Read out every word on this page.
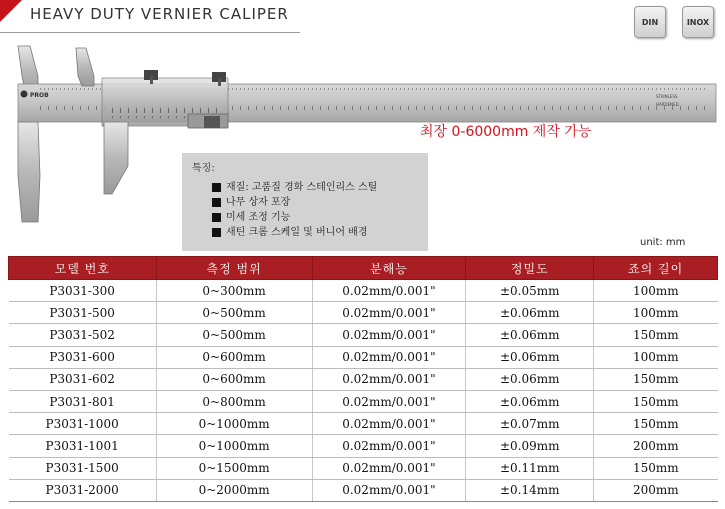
HEAVY DUTY VERNIER CALIPER	DIN	INOX
PROB	STAINLESS
HARDENED
최장 0-6000mm 제작 가능
특징:
재질: 고품질 경화 스테인리스 스틸
나무 상자 포장
미세 조정 기능
새틴 크롬 스케일 및 버니어 배경
unit: mm
모델 번호	측정 범위	분해능	정밀도	죠의 길이
P3031-300	0~300mm	0.02mm/0.001"	±0.05mm	100mm
P3031-500	0~500mm	0.02mm/0.001"	±0.06mm	100mm
P3031-502	0~500mm	0.02mm/0.001"	±0.06mm	150mm
P3031-600	0~600mm	0.02mm/0.001"	±0.06mm	100mm
P3031-602	0~600mm	0.02mm/0.001"	±0.06mm	150mm
P3031-801	0~800mm	0.02mm/0.001"	±0.06mm	150mm
P3031-1000	0~1000mm	0.02mm/0.001"	±0.07mm	150mm
P3031-1001	0~1000mm	0.02mm/0.001"	±0.09mm	200mm
P3031-1500	0~1500mm	0.02mm/0.001"	±0.11mm	150mm
P3031-2000	0~2000mm	0.02mm/0.001"	±0.14mm	200mm
